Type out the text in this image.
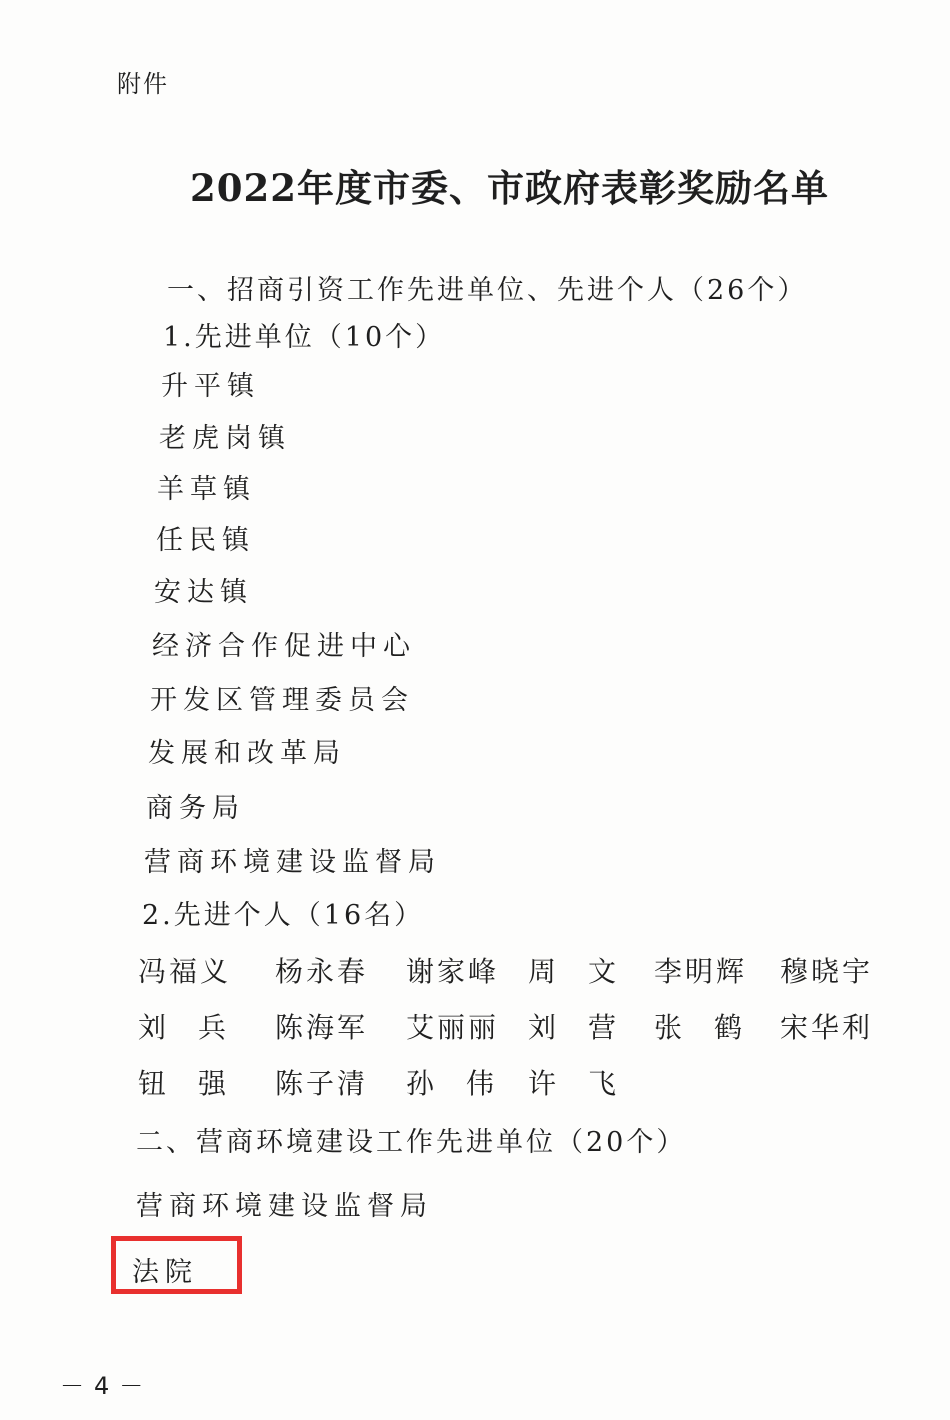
附件
2022年度市委、市政府表彰奖励名单
一、招商引资工作先进单位、先进个人（26个）
1.先进单位（10个）
升平镇
老虎岗镇
羊草镇
任民镇
安达镇
经济合作促进中心
开发区管理委员会
发展和改革局
商务局
营商环境建设监督局
2.先进个人（16名）
冯福义 杨永春 谢家峰 周文 李明辉 穆晓宇
刘兵 陈海军 艾丽丽 刘营 张鹤 宋华利
钮强 陈子清 孙伟 许飞
二、营商环境建设工作先进单位（20个）
营商环境建设监督局
法院
－4－
